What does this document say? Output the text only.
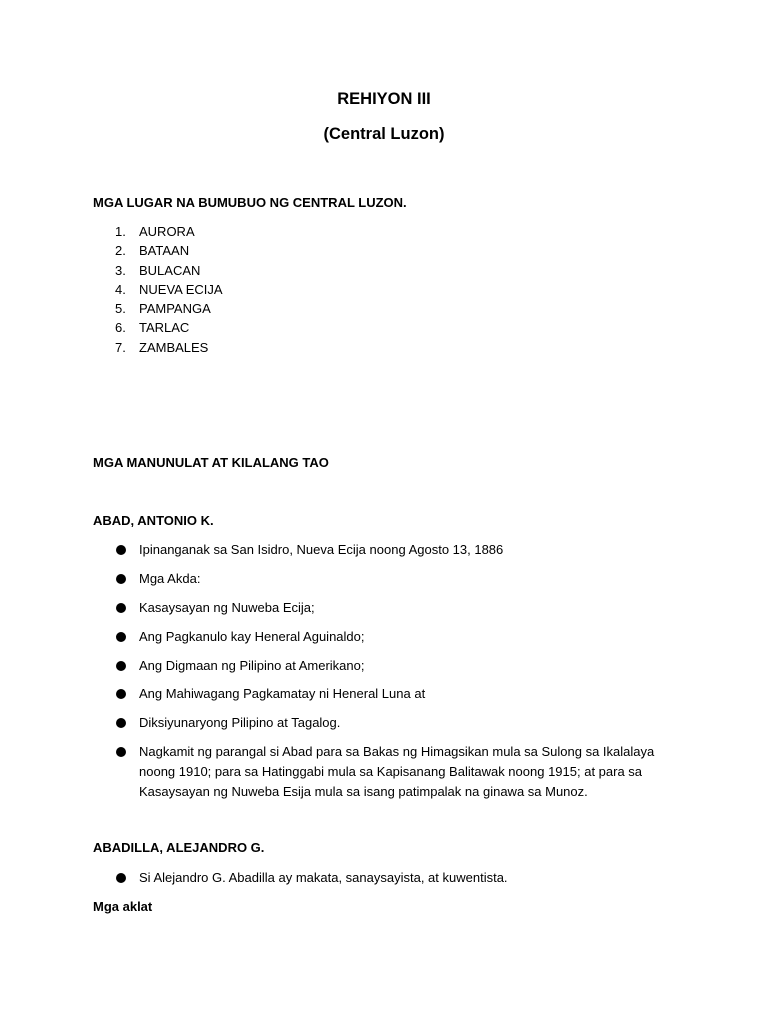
REHIYON III
(Central Luzon)
MGA LUGAR NA BUMUBUO NG CENTRAL LUZON.
1. AURORA
2. BATAAN
3. BULACAN
4. NUEVA ECIJA
5. PAMPANGA
6. TARLAC
7. ZAMBALES
MGA MANUNULAT AT KILALANG TAO
ABAD, ANTONIO K.
Ipinanganak sa San Isidro, Nueva Ecija noong Agosto 13, 1886
Mga Akda:
Kasaysayan ng Nuweba Ecija;
Ang Pagkanulo kay Heneral Aguinaldo;
Ang Digmaan ng Pilipino at Amerikano;
Ang Mahiwagang Pagkamatay ni Heneral Luna at
Diksiyunaryong Pilipino at Tagalog.
Nagkamit ng parangal si Abad para sa Bakas ng Himagsikan mula sa Sulong sa Ikalalaya noong 1910; para sa Hatinggabi mula sa Kapisanang Balitawak noong 1915; at para sa Kasaysayan ng Nuweba Esija mula sa isang patimpalak na ginawa sa Munoz.
ABADILLA, ALEJANDRO G.
Si Alejandro G. Abadilla ay makata, sanaysayista, at kuwentista.
Mga aklat
